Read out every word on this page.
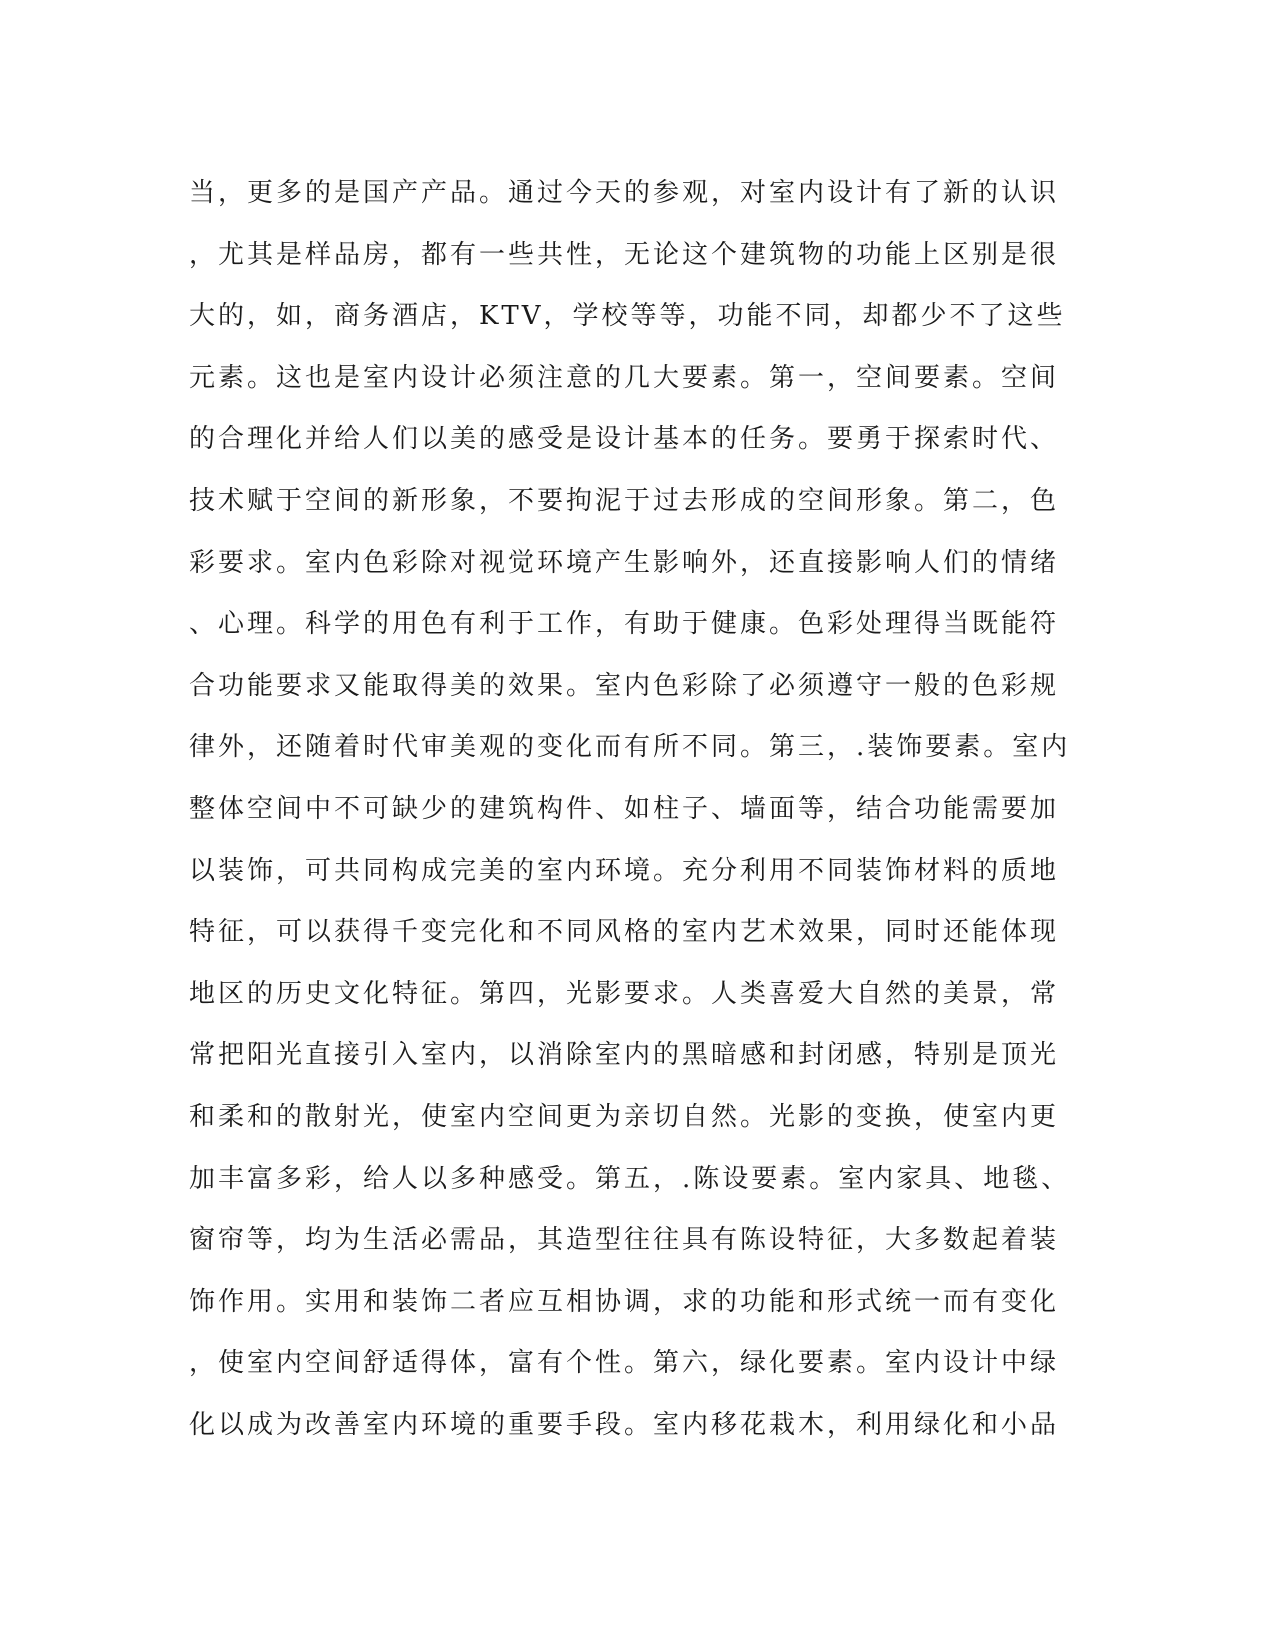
当，更多的是国产产品。通过今天的参观，对室内设计有了新的认识
，尤其是样品房，都有一些共性，无论这个建筑物的功能上区别是很
大的，如，商务酒店，KTV，学校等等，功能不同，却都少不了这些
元素。这也是室内设计必须注意的几大要素。第一，空间要素。空间
的合理化并给人们以美的感受是设计基本的任务。要勇于探索时代、
技术赋于空间的新形象，不要拘泥于过去形成的空间形象。第二，色
彩要求。室内色彩除对视觉环境产生影响外，还直接影响人们的情绪
、心理。科学的用色有利于工作，有助于健康。色彩处理得当既能符
合功能要求又能取得美的效果。室内色彩除了必须遵守一般的色彩规
律外，还随着时代审美观的变化而有所不同。第三，.装饰要素。室内
整体空间中不可缺少的建筑构件、如柱子、墙面等，结合功能需要加
以装饰，可共同构成完美的室内环境。充分利用不同装饰材料的质地
特征，可以获得千变完化和不同风格的室内艺术效果，同时还能体现
地区的历史文化特征。第四，光影要求。人类喜爱大自然的美景，常
常把阳光直接引入室内，以消除室内的黑暗感和封闭感，特别是顶光
和柔和的散射光，使室内空间更为亲切自然。光影的变换，使室内更
加丰富多彩，给人以多种感受。第五，.陈设要素。室内家具、地毯、
窗帘等，均为生活必需品，其造型往往具有陈设特征，大多数起着装
饰作用。实用和装饰二者应互相协调，求的功能和形式统一而有变化
，使室内空间舒适得体，富有个性。第六，绿化要素。室内设计中绿
化以成为改善室内环境的重要手段。室内移花栽木，利用绿化和小品
